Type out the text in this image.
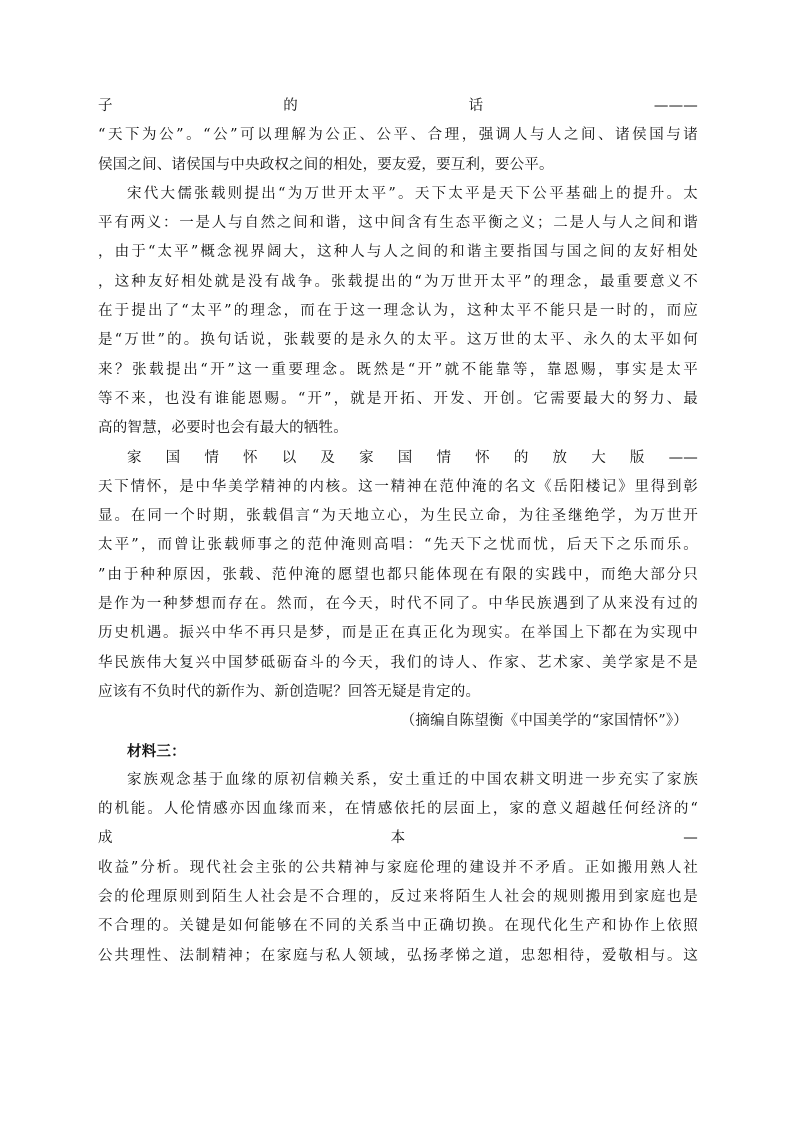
子的话———
“天下为公”。“公”可以理解为公正、公平、合理，强调人与人之间、诸侯国与诸
侯国之间、诸侯国与中央政权之间的相处，要友爱，要互利，要公平。
宋代大儒张载则提出“为万世开太平”。天下太平是天下公平基础上的提升。太
平有两义：一是人与自然之间和谐，这中间含有生态平衡之义；二是人与人之间和谐
，由于“太平”概念视界阔大，这种人与人之间的和谐主要指国与国之间的友好相处
，这种友好相处就是没有战争。张载提出的“为万世开太平”的理念，最重要意义不
在于提出了“太平”的理念，而在于这一理念认为，这种太平不能只是一时的，而应
是“万世”的。换句话说，张载要的是永久的太平。这万世的太平、永久的太平如何
来？张载提出“开”这一重要理念。既然是“开”就不能靠等，靠恩赐，事实是太平
等不来，也没有谁能恩赐。“开”，就是开拓、开发、开创。它需要最大的努力、最
高的智慧，必要时也会有最大的牺牲。
家国情怀以及家国情怀的放大版——
天下情怀，是中华美学精神的内核。这一精神在范仲淹的名文《岳阳楼记》里得到彰
显。在同一个时期，张载倡言“为天地立心，为生民立命，为往圣继绝学，为万世开
太平”，而曾让张载师事之的范仲淹则高唱：“先天下之忧而忧，后天下之乐而乐。
”由于种种原因，张载、范仲淹的愿望也都只能体现在有限的实践中，而绝大部分只
是作为一种梦想而存在。然而，在今天，时代不同了。中华民族遇到了从来没有过的
历史机遇。振兴中华不再只是梦，而是正在真正化为现实。在举国上下都在为实现中
华民族伟大复兴中国梦砥砺奋斗的今天，我们的诗人、作家、艺术家、美学家是不是
应该有不负时代的新作为、新创造呢？回答无疑是肯定的。
（摘编自陈望衡《中国美学的“家国情怀”》）
材料三：
家族观念基于血缘的原初信赖关系，安土重迁的中国农耕文明进一步充实了家族
的机能。人伦情感亦因血缘而来，在情感依托的层面上，家的意义超越任何经济的“
成本—
收益”分析。现代社会主张的公共精神与家庭伦理的建设并不矛盾。正如搬用熟人社
会的伦理原则到陌生人社会是不合理的，反过来将陌生人社会的规则搬用到家庭也是
不合理的。关键是如何能够在不同的关系当中正确切换。在现代化生产和协作上依照
公共理性、法制精神；在家庭与私人领域，弘扬孝悌之道，忠恕相待，爱敬相与。这
